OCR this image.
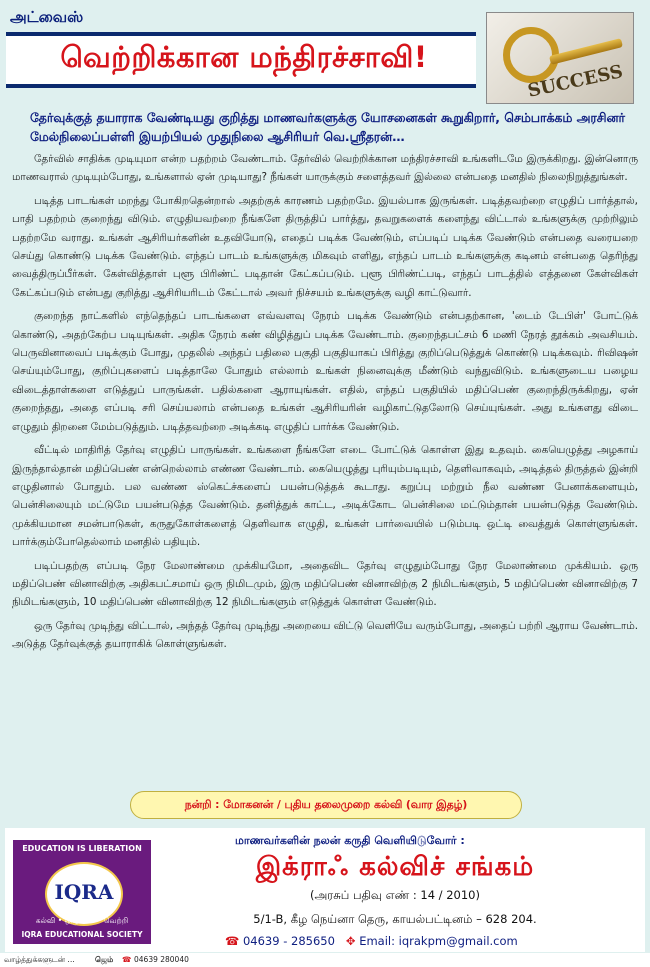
அட்வைஸ்
வெற்றிக்கான மந்திரச்சாவி!
SUCCESS
தேர்வுக்குத் தயாராக வேண்டியது குறித்து மாணவர்களுக்கு யோசனைகள் கூறுகிறார், செம்பாக்கம் அரசினர் மேல்நிலைப்பள்ளி இயற்பியல் முதுநிலை ஆசிரியர் வெ.ஸ்ரீதரன்…

தேர்வில் சாதிக்க முடியுமா என்ற பதற்றம் வேண்டாம். தேர்வில் வெற்றிக்கான மந்திரச்சாவி உங்களிடமே இருக்கிறது. இன்னொரு மாணவரால் முடியும்போது, உங்களால் ஏன் முடியாது? நீங்கள் யாருக்கும் சளைத்தவர் இல்லை என்பதை மனதில் நிலைநிறுத்துங்கள்.

படித்த பாடங்கள் மறந்து போகிறதென்றால் அதற்குக் காரணம் பதற்றமே. இயல்பாக இருங்கள். படித்தவற்றை எழுதிப் பார்த்தால், பாதி பதற்றம் குறைந்து விடும். எழுதியவற்றை நீங்களே திருத்திப் பார்த்து, தவறுகளைக் களைந்து விட்டால் உங்களுக்கு முற்றிலும் பதற்றமே வராது. உங்கள் ஆசிரியர்களின் உதவியோடு, எதைப் படிக்க வேண்டும், எப்படிப் படிக்க வேண்டும் என்பதை வரையறை செய்து கொண்டு படிக்க வேண்டும். எந்தப் பாடம் உங்களுக்கு மிகவும் எளிது, எந்தப் பாடம் உங்களுக்கு கடினம் என்பதை தெரிந்து வைத்திருப்பீர்கள். கேள்வித்தாள் புளூ பிரிண்ட் படிதான் கேட்கப்படும். புளூ பிரிண்ட்படி, எந்தப் பாடத்தில் எத்தனை கேள்விகள் கேட்கப்படும் என்பது குறித்து ஆசிரியரிடம் கேட்டால் அவர் நிச்சயம் உங்களுக்கு வழி காட்டுவார்.

குறைந்த நாட்களில் எந்தெந்தப் பாடங்களை எவ்வளவு நேரம் படிக்க வேண்டும் என்பதற்கான, 'டைம் டேபிள்' போட்டுக் கொண்டு, அதற்கேற்ப படியுங்கள். அதிக நேரம் கண் விழித்துப் படிக்க வேண்டாம். குறைந்தபட்சம் 6 மணி நேரத் தூக்கம் அவசியம். பெருவினாவைப் படிக்கும் போது, முதலில் அந்தப் பதிலை பகுதி பகுதியாகப் பிரித்து குறிப்பெடுத்துக் கொண்டு படிக்கவும். ரிவிஷன் செய்யும்போது, குறிப்புகளைப் படித்தாலே போதும் எல்லாம் உங்கள் நினைவுக்கு மீண்டும் வந்துவிடும். உங்களுடைய பழைய விடைத்தாள்களை எடுத்துப் பாருங்கள். பதில்களை ஆராயுங்கள். எதில், எந்தப் பகுதியில் மதிப்பெண் குறைந்திருக்கிறது, ஏன் குறைந்தது, அதை எப்படி சரி செய்யலாம் என்பதை உங்கள் ஆசிரியரின் வழிகாட்டுதலோடு செய்யுங்கள். அது உங்களது விடை எழுதும் திறனை மேம்படுத்தும். படித்தவற்றை அடிக்கடி எழுதிப் பார்க்க வேண்டும்.

வீட்டில் மாதிரித் தேர்வு எழுதிப் பாருங்கள். உங்களை நீங்களே எடை போட்டுக் கொள்ள இது உதவும். கையெழுத்து அழகாய் இருந்தால்தான் மதிப்பெண் என்றெல்லாம் எண்ண வேண்டாம். கையெழுத்து புரியும்படியும், தெளிவாகவும், அடித்தல் திருத்தல் இன்றி எழுதினால் போதும். பல வண்ண ஸ்கெட்ச்களைப் பயன்படுத்தக் கூடாது. கறுப்பு மற்றும் நீல வண்ண பேனாக்களையும், பென்சிலையும் மட்டுமே பயன்படுத்த வேண்டும். தனித்துக் காட்ட, அடிக்கோட பென்சிலை மட்டும்தான் பயன்படுத்த வேண்டும். முக்கியமான சமன்பாடுகள், கருதுகோள்களைத் தெளிவாக எழுதி, உங்கள் பார்வையில் படும்படி ஒட்டி வைத்துக் கொள்ளுங்கள். பார்க்கும்போதெல்லாம் மனதில் பதியும்.

படிப்பதற்கு எப்படி நேர மேலாண்மை முக்கியமோ, அதைவிட தேர்வு எழுதும்போது நேர மேலாண்மை முக்கியம். ஒரு மதிப்பெண் வினாவிற்கு அதிகபட்சமாய் ஒரு நிமிடமும், இரு மதிப்பெண் வினாவிற்கு 2 நிமிடங்களும், 5 மதிப்பெண் வினாவிற்கு 7 நிமிடங்களும், 10 மதிப்பெண் வினாவிற்கு 12 நிமிடங்களும் எடுத்துக் கொள்ள வேண்டும்.

ஒரு தேர்வு முடிந்து விட்டால், அந்தத் தேர்வு முடிந்து அறையை விட்டு வெளியே வரும்போது, அதைப் பற்றி ஆராய வேண்டாம். அடுத்த தேர்வுக்குத் தயாராகிக் கொள்ளுங்கள்.

நன்றி : மோகனன் / புதிய தலைமுறை கல்வி (வார இதழ்)
EDUCATION IS LIBERATION
IQRA
கல்வி • ஒழுக்கம் • வெற்றி
IQRA EDUCATIONAL SOCIETY
மாணவர்களின் நலன் கருதி வெளியிடுவோர் :
இக்ராஃ கல்விச் சங்கம்
(அரசுப் பதிவு எண் : 14 / 2010)
5/1-B, கீழ நெய்னா தெரு, காயல்பட்டினம் – 628 204.
☎ 04639 - 285650 ✥ Email: iqrakpm@gmail.com
வாழ்த்துக்களுடன் …	ஜெம் ☎ 04639 280040
